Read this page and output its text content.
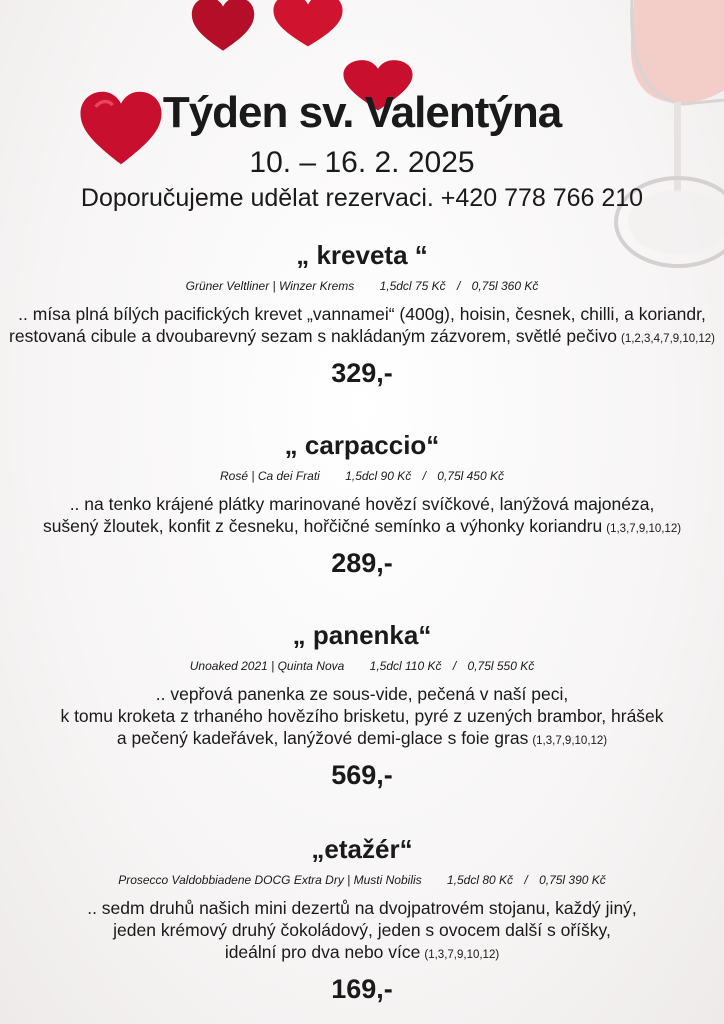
Týden sv. Valentýna
10. – 16. 2. 2025
Doporučujeme udělat rezervaci. +420 778 766 210
„ kreveta “
Grüner Veltliner | Winzer Krems 1,5dcl 75 Kč / 0,75l 360 Kč
.. mísa plná bílých pacifických krevet „vannamei“ (400g), hoisin, česnek, chilli, a koriandr,
restovaná cibule a dvoubarevný sezam s nakládaným zázvorem, světlé pečivo (1,2,3,4,7,9,10,12)
329,-
„ carpaccio“
Rosé | Ca dei Frati 1,5dcl 90 Kč / 0,75l 450 Kč
.. na tenko krájené plátky marinované hovězí svíčkové, lanýžová majonéza,
sušený žloutek, konfit z česneku, hořčičné semínko a výhonky koriandru (1,3,7,9,10,12)
289,-
„ panenka“
Unoaked 2021 | Quinta Nova 1,5dcl 110 Kč / 0,75l 550 Kč
.. vepřová panenka ze sous-vide, pečená v naší peci,
k tomu kroketa z trhaného hovězího brisketu, pyré z uzených brambor, hrášek
a pečený kadeřávek, lanýžové demi-glace s foie gras (1,3,7,9,10,12)
569,-
„etažér“
Prosecco Valdobbiadene DOCG Extra Dry | Musti Nobilis 1,5dcl 80 Kč / 0,75l 390 Kč
.. sedm druhů našich mini dezertů na dvojpatrovém stojanu, každý jiný,
jeden krémový druhý čokoládový, jeden s ovocem další s oříšky,
ideální pro dva nebo více (1,3,7,9,10,12)
169,-
